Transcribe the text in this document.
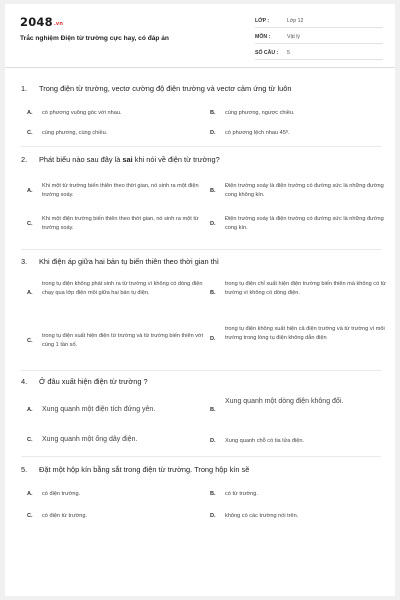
2048.vn
Trắc nghiệm Điện từ trường cực hay, có đáp án
LỚP :	Lớp 12
MÔN :	Vật lý
SỐ CÂU : 5
1. Trong điện từ trường, vectơ cường độ điện trường và vectơ cảm ứng từ luôn
A. có phương vuông góc với nhau.	B. cùng phương, ngược chiều.
C. cùng phương, cùng chiều.	D. có phương lệch nhau 45º.
2. Phát biểu nào sau đây là sai khi nói về điện từ trường?
A.
Khi một từ trường biến thiên theo thời gian, nó sinh ra một điện trường xoáy.
B.
Điện trường xoáy là điện trường có đường sức là những đường cong không kín.
C.
Khi một điện trường biến thiên theo thời gian, nó sinh ra một từ trường xoáy.
D.
Điện trường xoáy là điện trường có đường sức là những đường cong kín.
3. Khi điện áp giữa hai bản tụ biến thiên theo thời gian thì
A.
trong tụ điện không phát sinh ra từ trường vì không có dòng điện chạy qua lớp điện môi giữa hai bản tụ điện.	B.
trong tụ điện chỉ xuất hiện điện trường biến thiên mà không có từ trường vì không có dòng điện.
C.
trong tụ điện xuất hiện điện từ trường và từ trường biến thiên với cùng 1 tần số.
D.
trong tụ điện không xuất hiện cả điện trường và từ trường vì môi trường trong lòng tụ điện không dẫn điện
4. Ở đâu xuất hiện điện từ trường ?
A. Xung quanh một điện tích đứng yên.	B.
Xung quanh một dòng điện không đổi.
C. Xung quanh một ống dây điện.	D. Xung quanh chỗ có tia lửa điện.
5. Đặt một hộp kín bằng sắt trong điện từ trường. Trong hộp kín sẽ
A. có điện trường.	B. có từ trường.
C. có điện từ trường.	D. không có các trường nói trên.
